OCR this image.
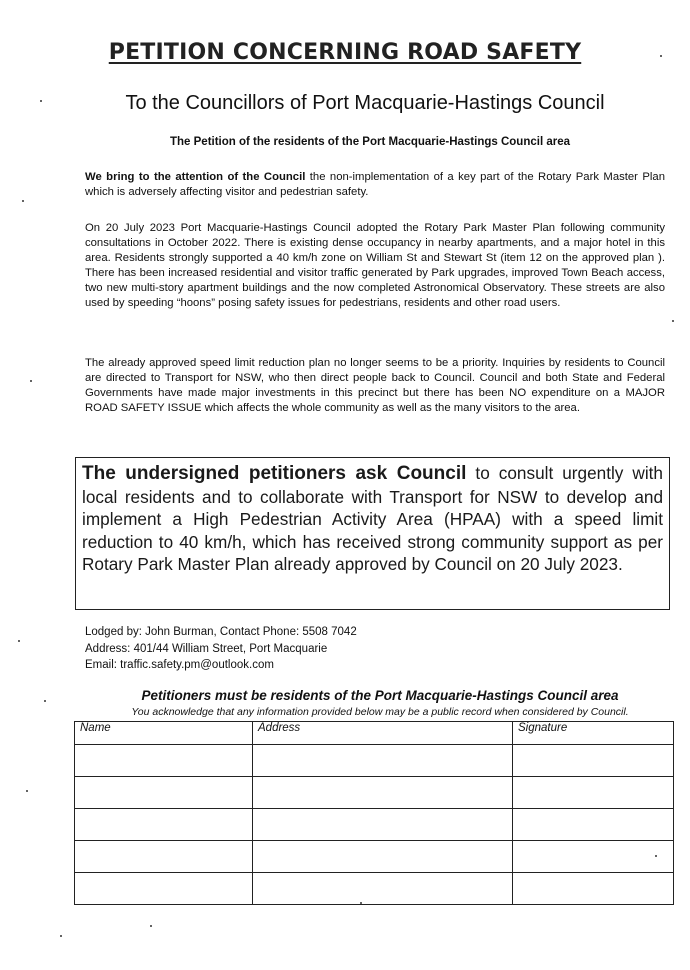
PETITION CONCERNING ROAD SAFETY
To the Councillors of Port Macquarie-Hastings Council
The Petition of the residents of the Port Macquarie-Hastings Council area
We bring to the attention of the Council the non-implementation of a key part of the Rotary Park Master Plan which is adversely affecting visitor and pedestrian safety.
On 20 July 2023 Port Macquarie-Hastings Council adopted the Rotary Park Master Plan following community consultations in October 2022. There is existing dense occupancy in nearby apartments, and a major hotel in this area. Residents strongly supported a 40 km/h zone on William St and Stewart St (item 12 on the approved plan ). There has been increased residential and visitor traffic generated by Park upgrades, improved Town Beach access, two new multi-story apartment buildings and the now completed Astronomical Observatory. These streets are also used by speeding “hoons” posing safety issues for pedestrians, residents and other road users.
The already approved speed limit reduction plan no longer seems to be a priority. Inquiries by residents to Council are directed to Transport for NSW, who then direct people back to Council. Council and both State and Federal Governments have made major investments in this precinct but there has been NO expenditure on a MAJOR ROAD SAFETY ISSUE which affects the whole community as well as the many visitors to the area.
The undersigned petitioners ask Council to consult urgently with local residents and to collaborate with Transport for NSW to develop and implement a High Pedestrian Activity Area (HPAA) with a speed limit reduction to 40 km/h, which has received strong community support as per Rotary Park Master Plan already approved by Council on 20 July 2023.
Lodged by: John Burman, Contact Phone: 5508 7042
Address: 401/44 William Street, Port Macquarie
Email: traffic.safety.pm@outlook.com
Petitioners must be residents of the Port Macquarie-Hastings Council area
You acknowledge that any information provided below may be a public record when considered by Council.
Name	Address	Signature
